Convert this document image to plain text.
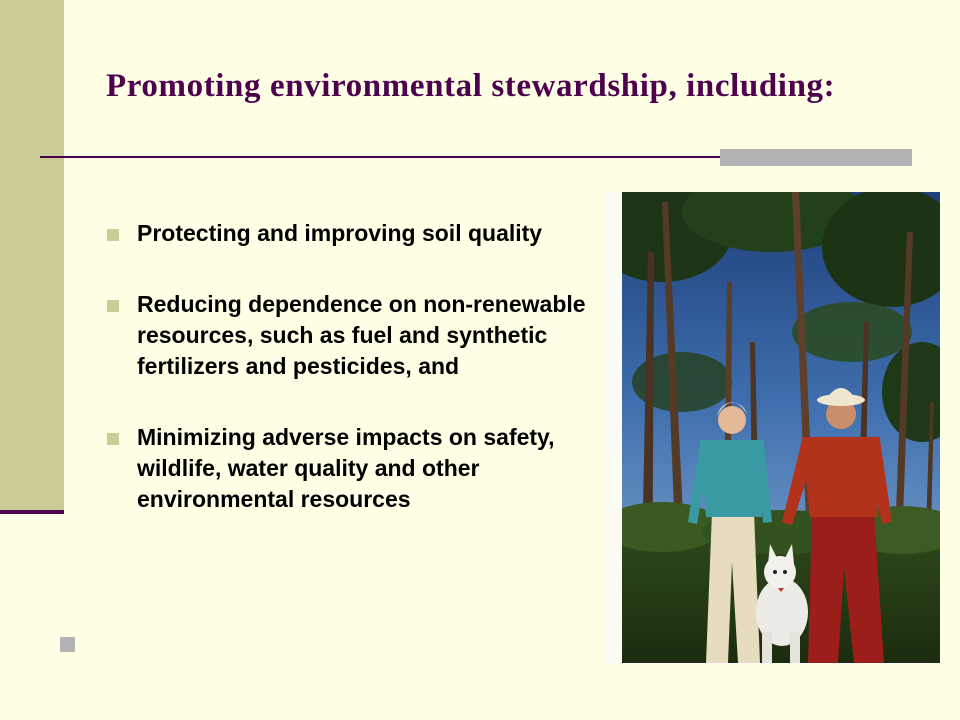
Promoting environmental stewardship, including:
Protecting and improving soil quality
Reducing dependence on non-renewable resources, such as fuel and synthetic fertilizers and pesticides, and
Minimizing adverse impacts on safety, wildlife, water quality and other environmental resources
